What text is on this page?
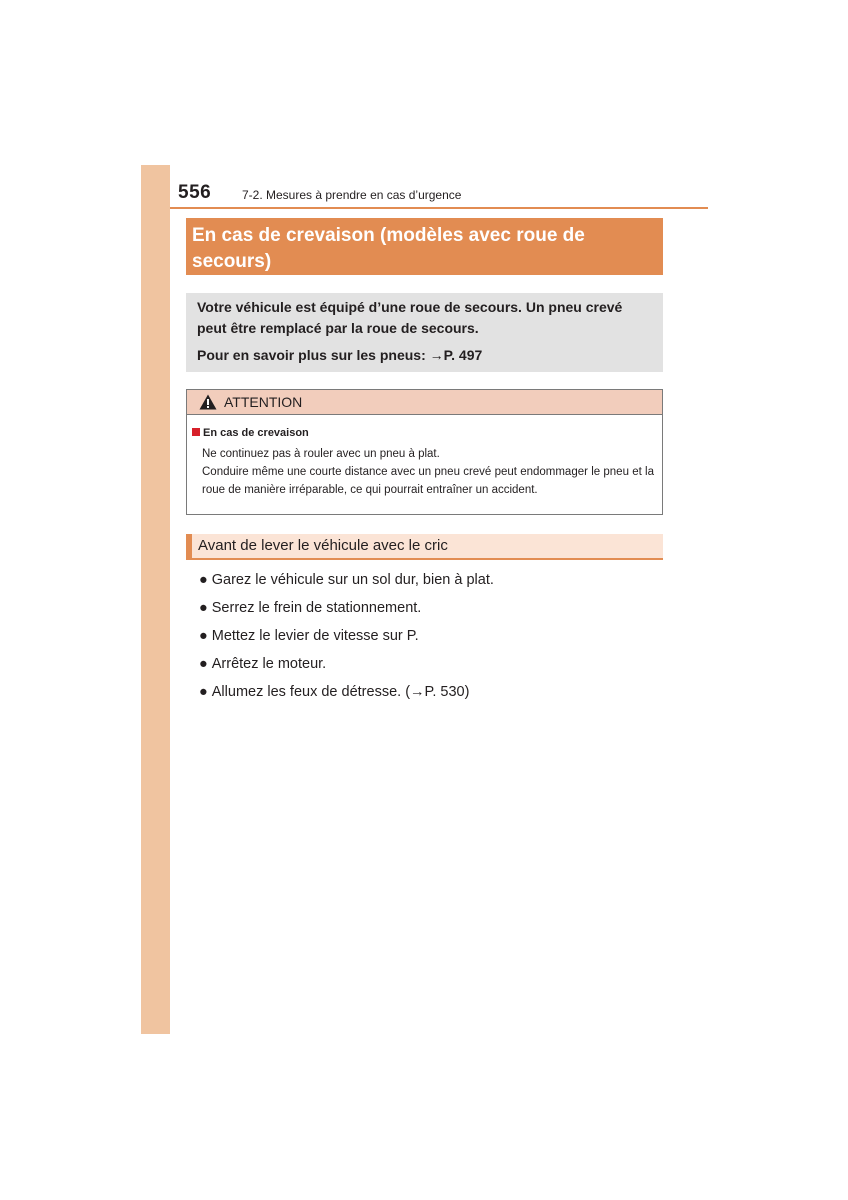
556	7-2. Mesures à prendre en cas d’urgence
En cas de crevaison (modèles avec roue de secours)

Votre véhicule est équipé d’une roue de secours. Un pneu crevé peut être remplacé par la roue de secours.

Pour en savoir plus sur les pneus: →P. 497

ATTENTION
En cas de crevaison
Ne continuez pas à rouler avec un pneu à plat.
Conduire même une courte distance avec un pneu crevé peut endommager le pneu et la roue de manière irréparable, ce qui pourrait entraîner un accident.
Avant de lever le véhicule avec le cric
● Garez le véhicule sur un sol dur, bien à plat.
● Serrez le frein de stationnement.
● Mettez le levier de vitesse sur P.
● Arrêtez le moteur.
● Allumez les feux de détresse. (→P. 530)
